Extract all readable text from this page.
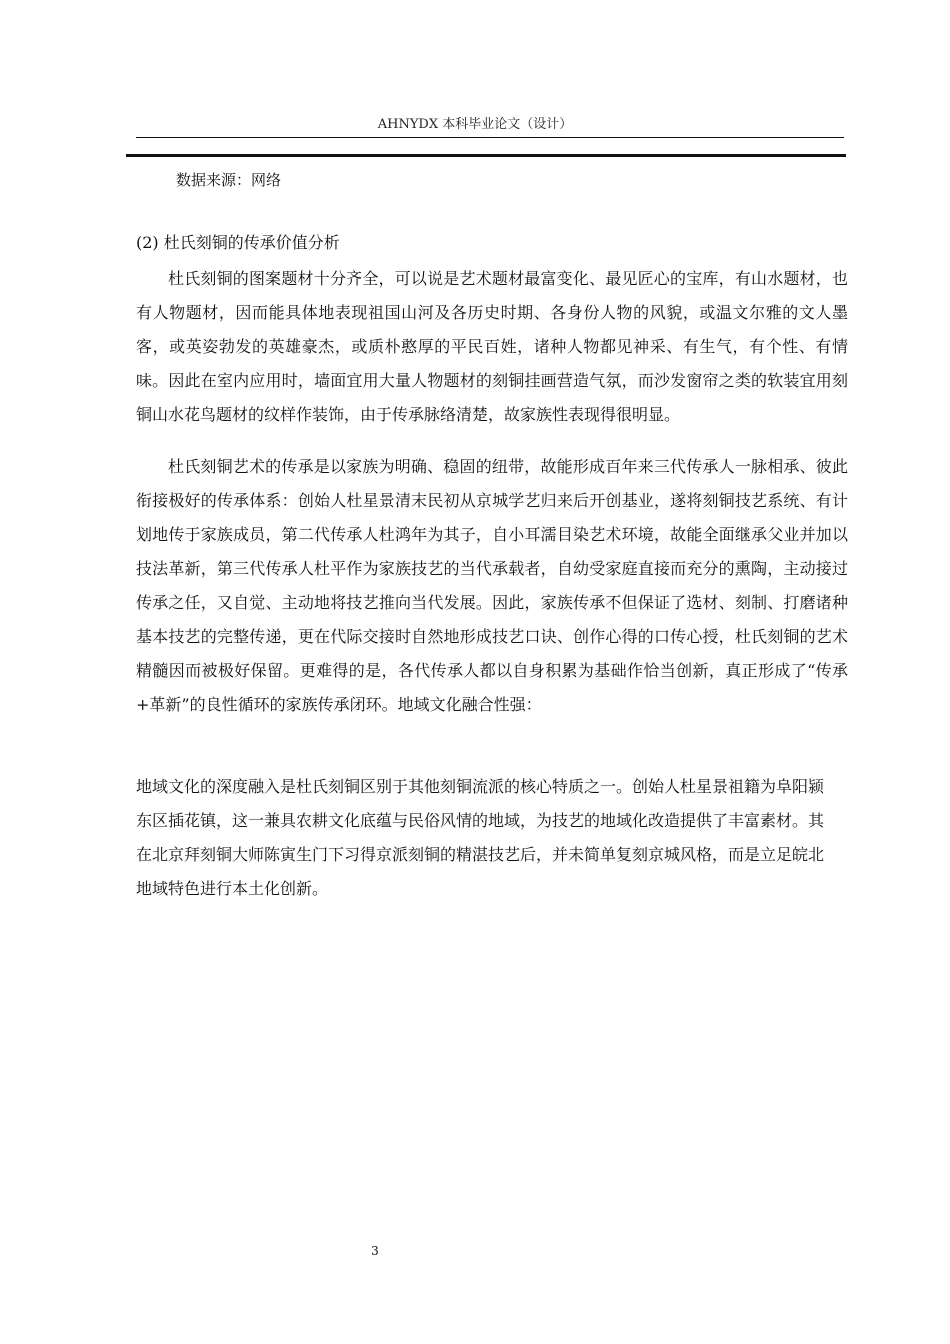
AHNYDX 本科毕业论文（设计）
数据来源：网络
(2) 杜氏刻铜的传承价值分析

杜氏刻铜的图案题材十分齐全，可以说是艺术题材最富变化、最见匠心的宝库，有山水题材，也有人物题材，因而能具体地表现祖国山河及各历史时期、各身份人物的风貌，或温文尔雅的文人墨客，或英姿勃发的英雄豪杰，或质朴憨厚的平民百姓，诸种人物都见神采、有生气，有个性、有情味。因此在室内应用时，墙面宜用大量人物题材的刻铜挂画营造气氛，而沙发窗帘之类的软装宜用刻铜山水花鸟题材的纹样作装饰，由于传承脉络清楚，故家族性表现得很明显。

杜氏刻铜艺术的传承是以家族为明确、稳固的纽带，故能形成百年来三代传承人一脉相承、彼此衔接极好的传承体系：创始人杜星景清末民初从京城学艺归来后开创基业，遂将刻铜技艺系统、有计划地传于家族成员，第二代传承人杜鸿年为其子，自小耳濡目染艺术环境，故能全面继承父业并加以技法革新，第三代传承人杜平作为家族技艺的当代承载者，自幼受家庭直接而充分的熏陶，主动接过传承之任，又自觉、主动地将技艺推向当代发展。因此，家族传承不但保证了选材、刻制、打磨诸种基本技艺的完整传递，更在代际交接时自然地形成技艺口诀、创作心得的口传心授，杜氏刻铜的艺术精髓因而被极好保留。更难得的是，各代传承人都以自身积累为基础作恰当创新，真正形成了“传承+革新”的良性循环的家族传承闭环。地域文化融合性强：

地域文化的深度融入是杜氏刻铜区别于其他刻铜流派的核心特质之一。创始人杜星景祖籍为阜阳颍东区插花镇，这一兼具农耕文化底蕴与民俗风情的地域，为技艺的地域化改造提供了丰富素材。其在北京拜刻铜大师陈寅生门下习得京派刻铜的精湛技艺后，并未简单复刻京城风格，而是立足皖北地域特色进行本土化创新。

3
